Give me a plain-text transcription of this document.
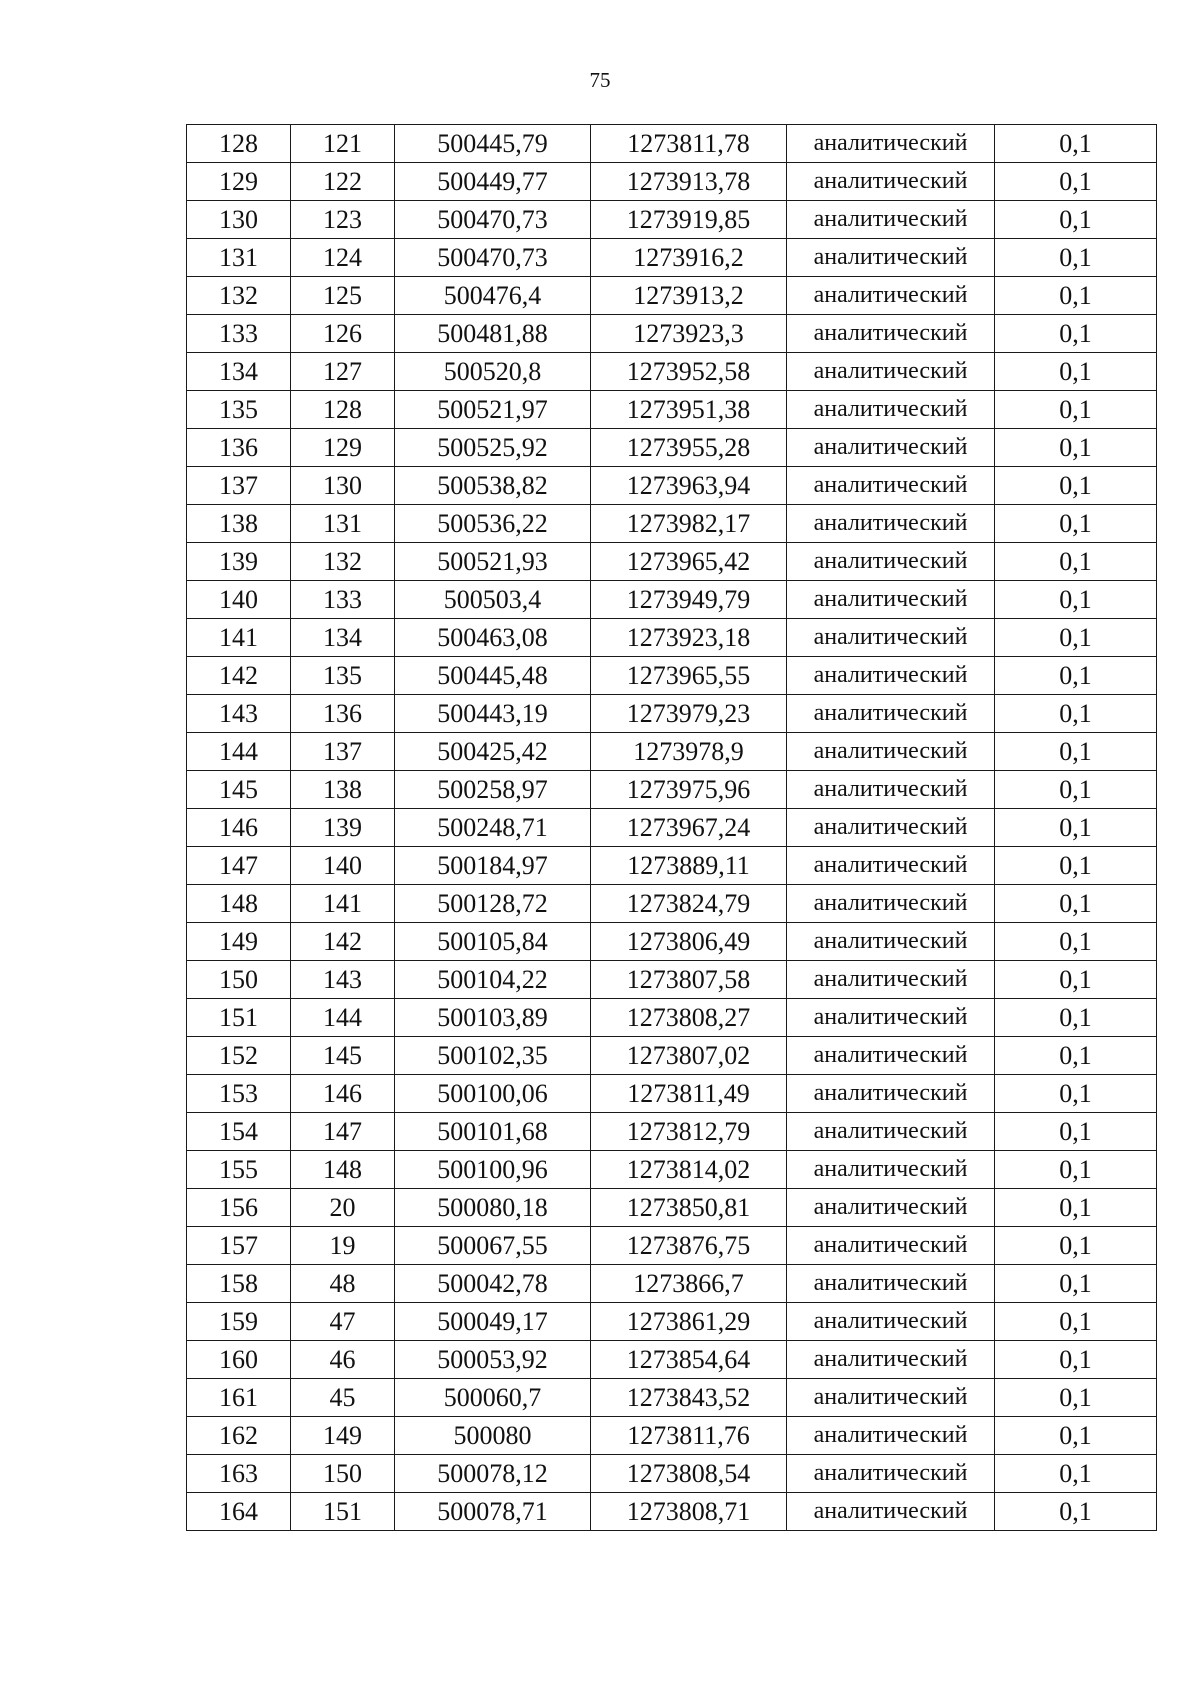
75
128	121	500445,79	1273811,78	аналитический	0,1
129	122	500449,77	1273913,78	аналитический	0,1
130	123	500470,73	1273919,85	аналитический	0,1
131	124	500470,73	1273916,2	аналитический	0,1
132	125	500476,4	1273913,2	аналитический	0,1
133	126	500481,88	1273923,3	аналитический	0,1
134	127	500520,8	1273952,58	аналитический	0,1
135	128	500521,97	1273951,38	аналитический	0,1
136	129	500525,92	1273955,28	аналитический	0,1
137	130	500538,82	1273963,94	аналитический	0,1
138	131	500536,22	1273982,17	аналитический	0,1
139	132	500521,93	1273965,42	аналитический	0,1
140	133	500503,4	1273949,79	аналитический	0,1
141	134	500463,08	1273923,18	аналитический	0,1
142	135	500445,48	1273965,55	аналитический	0,1
143	136	500443,19	1273979,23	аналитический	0,1
144	137	500425,42	1273978,9	аналитический	0,1
145	138	500258,97	1273975,96	аналитический	0,1
146	139	500248,71	1273967,24	аналитический	0,1
147	140	500184,97	1273889,11	аналитический	0,1
148	141	500128,72	1273824,79	аналитический	0,1
149	142	500105,84	1273806,49	аналитический	0,1
150	143	500104,22	1273807,58	аналитический	0,1
151	144	500103,89	1273808,27	аналитический	0,1
152	145	500102,35	1273807,02	аналитический	0,1
153	146	500100,06	1273811,49	аналитический	0,1
154	147	500101,68	1273812,79	аналитический	0,1
155	148	500100,96	1273814,02	аналитический	0,1
156	20	500080,18	1273850,81	аналитический	0,1
157	19	500067,55	1273876,75	аналитический	0,1
158	48	500042,78	1273866,7	аналитический	0,1
159	47	500049,17	1273861,29	аналитический	0,1
160	46	500053,92	1273854,64	аналитический	0,1
161	45	500060,7	1273843,52	аналитический	0,1
162	149	500080	1273811,76	аналитический	0,1
163	150	500078,12	1273808,54	аналитический	0,1
164	151	500078,71	1273808,71	аналитический	0,1
